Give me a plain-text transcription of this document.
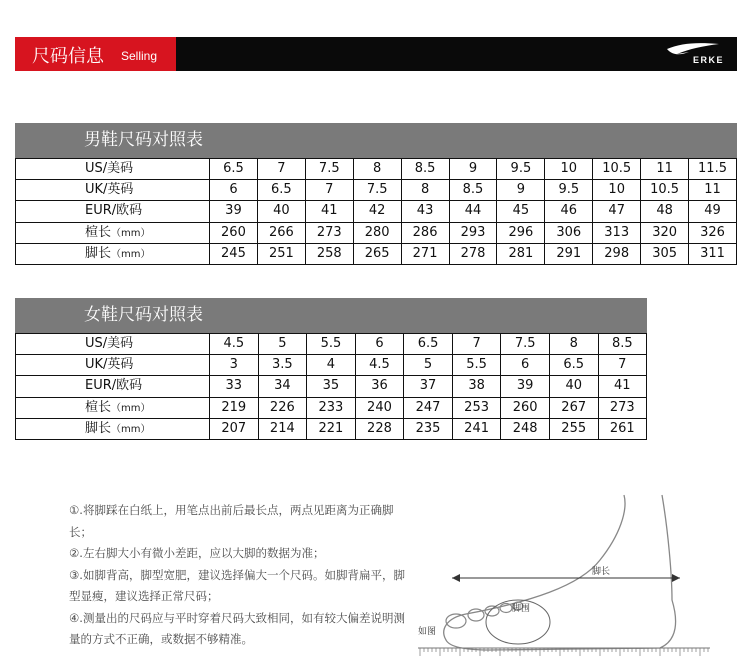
尺码信息 Selling	ERKE
男鞋尺码对照表
US/美码	6.5	7	7.5	8	8.5	9	9.5	10	10.5	11	11.5
UK/英码	6	6.5	7	7.5	8	8.5	9	9.5	10	10.5	11
EUR/欧码	39	40	41	42	43	44	45	46	47	48	49
楦长（mm）	260	266	273	280	286	293	296	306	313	320	326
脚长（mm）	245	251	258	265	271	278	281	291	298	305	311
女鞋尺码对照表
US/美码	4.5	5	5.5	6	6.5	7	7.5	8	8.5
UK/英码	3	3.5	4	4.5	5	5.5	6	6.5	7
EUR/欧码	33	34	35	36	37	38	39	40	41
楦长（mm）	219	226	233	240	247	253	260	267	273
脚长（mm）	207	214	221	228	235	241	248	255	261

①.将脚踩在白纸上，用笔点出前后最长点，两点见距离为正确脚长；

②.左右脚大小有微小差距，应以大脚的数据为准；

③.如脚背高，脚型宽肥，建议选择偏大一个尺码。如脚背扁平，脚型显瘦，建议选择正常尺码；

④.测量出的尺码应与平时穿着尺码大致相同，如有较大偏差说明测量的方式不正确，或数据不够精准。

脚长
脚围
如图
